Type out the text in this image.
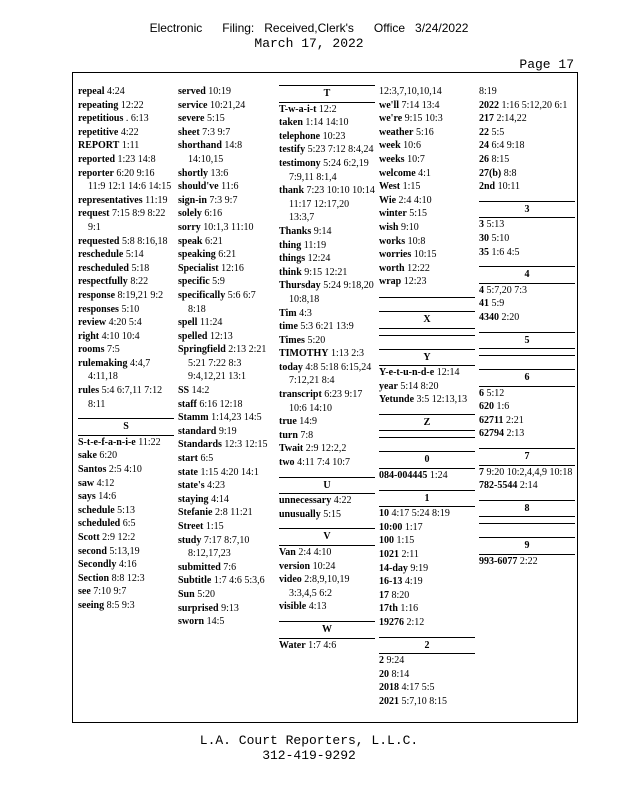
Electronic      Filing:   Received,Clerk's      Office   3/24/2022
March 17, 2022
Page 17

repeal 4:24

repeating 12:22

repetitious . 6:13

repetitive 4:22

REPORT 1:11

reported 1:23 14:8

reporter 6:20 9:16 11:9 12:1 14:6 14:15

representatives 11:19

request 7:15 8:9 8:22 9:1

requested 5:8 8:16,18

reschedule 5:14

rescheduled 5:18

respectfully 8:22

response 8:19,21 9:2

responses 5:10

review 4:20 5:4

right 4:10 10:4

rooms 7:5

rulemaking 4:4,7 4:11,18

rules 5:4 6:7,11 7:12 8:11

S

S-t-e-f-a-n-i-e 11:22

sake 6:20

Santos 2:5 4:10

saw 4:12

says 14:6

schedule 5:13

scheduled 6:5

Scott 2:9 12:2

second 5:13,19

Secondly 4:16

Section 8:8 12:3

see 7:10 9:7

seeing 8:5 9:3

served 10:19

service 10:21,24

severe 5:15

sheet 7:3 9:7

shorthand 14:8 14:10,15

shortly 13:6

should've 11:6

sign-in 7:3 9:7

solely 6:16

sorry 10:1,3 11:10

speak 6:21

speaking 6:21

Specialist 12:16

specific 5:9

specifically 5:6 6:7 8:18

spell 11:24

spelled 12:13

Springfield 2:13 2:21 5:21 7:22 8:3 9:4,12,21 13:1

SS 14:2

staff 6:16 12:18

Stamm 1:14,23 14:5

standard 9:19

Standards 12:3 12:15

start 6:5

state 1:15 4:20 14:1

state's 4:23

staying 4:14

Stefanie 2:8 11:21

Street 1:15

study 7:17 8:7,10 8:12,17,23

submitted 7:6

Subtitle 1:7 4:6 5:3,6

Sun 5:20

surprised 9:13

sworn 14:5

T

T-w-a-i-t 12:2

taken 1:14 14:10

telephone 10:23

testify 5:23 7:12 8:4,24

testimony 5:24 6:2,19 7:9,11 8:1,4

thank 7:23 10:10 10:14 11:17 12:17,20 13:3,7

Thanks 9:14

thing 11:19

things 12:24

think 9:15 12:21

Thursday 5:24 9:18,20 10:8,18

Tim 4:3

time 5:3 6:21 13:9

Times 5:20

TIMOTHY 1:13 2:3

today 4:8 5:18 6:15,24 7:12,21 8:4

transcript 6:23 9:17 10:6 14:10

true 14:9

turn 7:8

Twait 2:9 12:2,2

two 4:11 7:4 10:7

U

unnecessary 4:22

unusually 5:15

V

Van 2:4 4:10

version 10:24

video 2:8,9,10,19 3:3,4,5 6:2

visible 4:13

W

Water 1:7 4:6

12:3,7,10,10,14

we'll 7:14 13:4

we're 9:15 10:3

weather 5:16

week 10:6

weeks 10:7

welcome 4:1

West 1:15

Wie 2:4 4:10

winter 5:15

wish 9:10

works 10:8

worries 10:15

worth 12:22

wrap 12:23

X
Y

Y-e-t-u-n-d-e 12:14

year 5:14 8:20

Yetunde 3:5 12:13,13

Z
0

084-004445 1:24

1

10 4:17 5:24 8:19

10:00 1:17

100 1:15

1021 2:11

14-day 9:19

16-13 4:19

17 8:20

17th 1:16

19276 2:12

2

2 9:24

20 8:14

2018 4:17 5:5

2021 5:7,10 8:15

8:19

2022 1:16 5:12,20 6:1

217 2:14,22

22 5:5

24 6:4 9:18

26 8:15

27(b) 8:8

2nd 10:11

3

3 5:13

30 5:10

35 1:6 4:5

4

4 5:7,20 7:3

41 5:9

4340 2:20

5
6

6 5:12

620 1:6

62711 2:21

62794 2:13

7

7 9:20 10:2,4,4,9 10:18

782-5544 2:14

8
9

993-6077 2:22

L.A. Court Reporters, L.L.C.
312-419-9292
